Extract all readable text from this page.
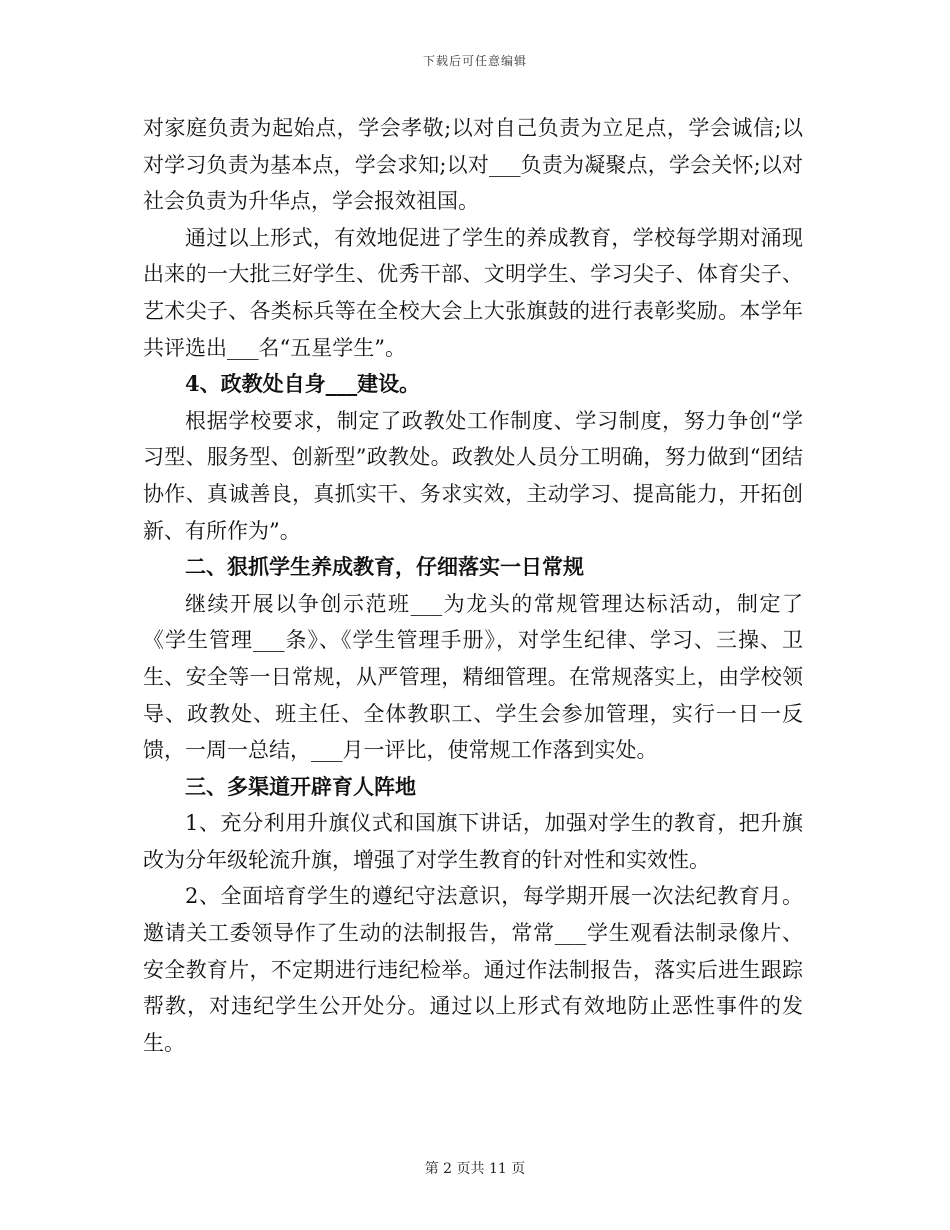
下载后可任意编辑

对家庭负责为起始点，学会孝敬;以对自己负责为立足点，学会诚信;以对学习负责为基本点，学会求知;以对___负责为凝聚点，学会关怀;以对社会负责为升华点，学会报效祖国。

通过以上形式，有效地促进了学生的养成教育，学校每学期对涌现出来的一大批三好学生、优秀干部、文明学生、学习尖子、体育尖子、艺术尖子、各类标兵等在全校大会上大张旗鼓的进行表彰奖励。本学年共评选出___名“五星学生”。

4、政教处自身___建设。

根据学校要求，制定了政教处工作制度、学习制度，努力争创“学习型、服务型、创新型”政教处。政教处人员分工明确，努力做到“团结协作、真诚善良，真抓实干、务求实效，主动学习、提高能力，开拓创新、有所作为”。

二、狠抓学生养成教育，仔细落实一日常规

继续开展以争创示范班___为龙头的常规管理达标活动，制定了《学生管理___条》、《学生管理手册》，对学生纪律、学习、三操、卫生、安全等一日常规，从严管理，精细管理。在常规落实上，由学校领导、政教处、班主任、全体教职工、学生会参加管理，实行一日一反馈，一周一总结，___月一评比，使常规工作落到实处。

三、多渠道开辟育人阵地

1、充分利用升旗仪式和国旗下讲话，加强对学生的教育，把升旗改为分年级轮流升旗，增强了对学生教育的针对性和实效性。

2、全面培育学生的遵纪守法意识，每学期开展一次法纪教育月。邀请关工委领导作了生动的法制报告，常常___学生观看法制录像片、安全教育片，不定期进行违纪检举。通过作法制报告，落实后进生跟踪帮教，对违纪学生公开处分。通过以上形式有效地防止恶性事件的发生。

第 2 页共 11 页
